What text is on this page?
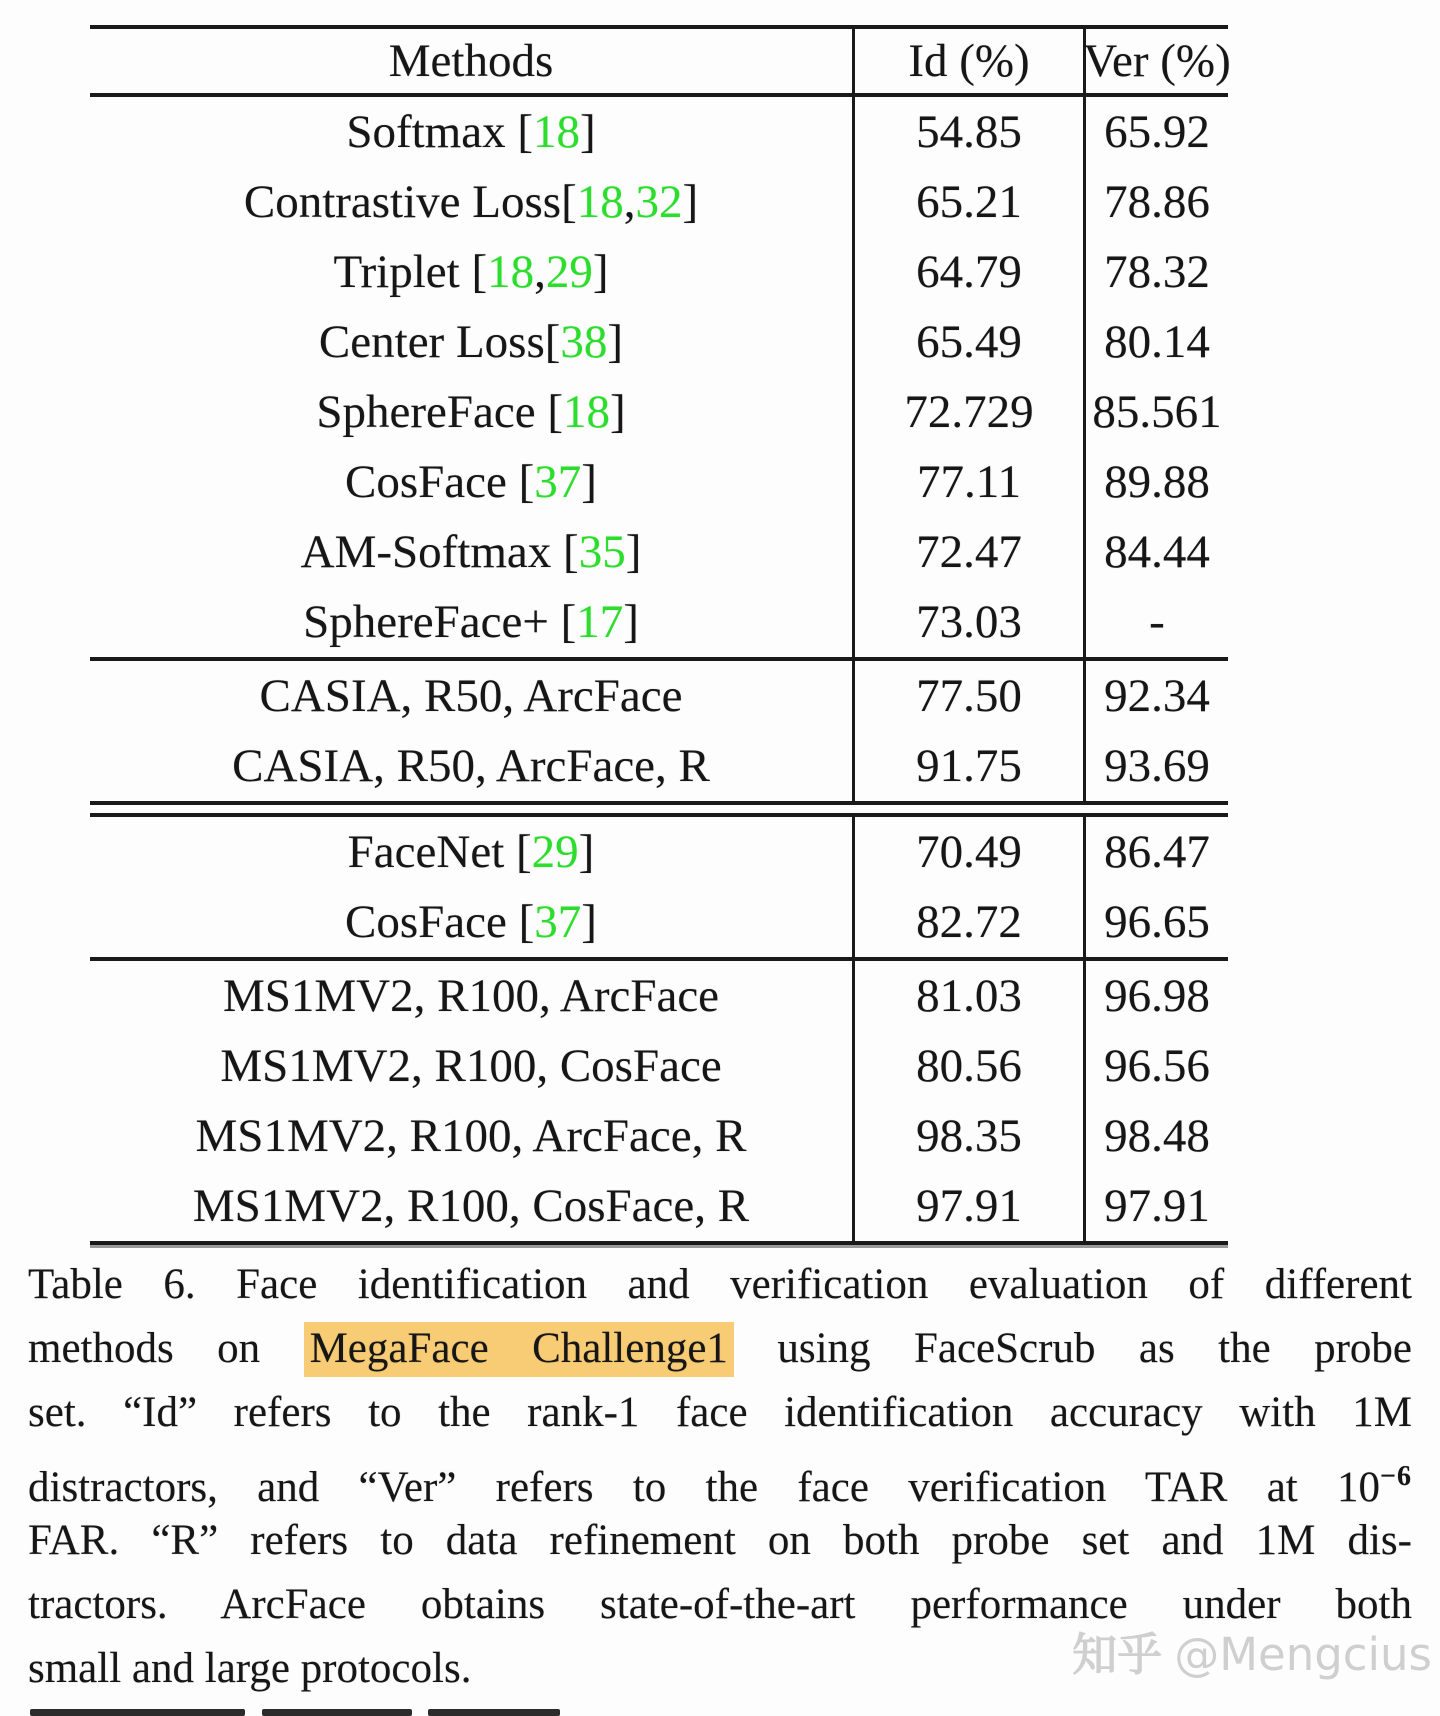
Methods	Id (%)	Ver (%)
Softmax [ 18 ]	54.85	65.92
Contrastive Loss[ 18 , 32 ]	65.21	78.86
Triplet [ 18 , 29 ]	64.79	78.32
Center Loss[ 38 ]	65.49	80.14
SphereFace [ 18 ]	72.729	85.561
CosFace [ 37 ]	77.11	89.88
AM-Softmax [ 35 ]	72.47	84.44
SphereFace+ [ 17 ]	73.03	-
CASIA, R50, ArcFace	77.50	92.34
CASIA, R50, ArcFace, R	91.75	93.69
FaceNet [ 29 ]	70.49	86.47
CosFace [ 37 ]	82.72	96.65
MS1MV2, R100, ArcFace	81.03	96.98
MS1MV2, R100, CosFace	80.56	96.56
MS1MV2, R100, ArcFace, R	98.35	98.48
MS1MV2, R100, CosFace, R	97.91	97.91
Table 6. Face identification and verification evaluation of different
methods on MegaFace Challenge1 using FaceScrub as the probe
set. “Id” refers to the rank-1 face identification accuracy with 1M
distractors, and “Ver” refers to the face verification TAR at $10^{-6}$
FAR. “R” refers to data refinement on both probe set and 1M dis-
tractors. ArcFace obtains state-of-the-art performance under both
small and large protocols.	知乎 @Mengcius
